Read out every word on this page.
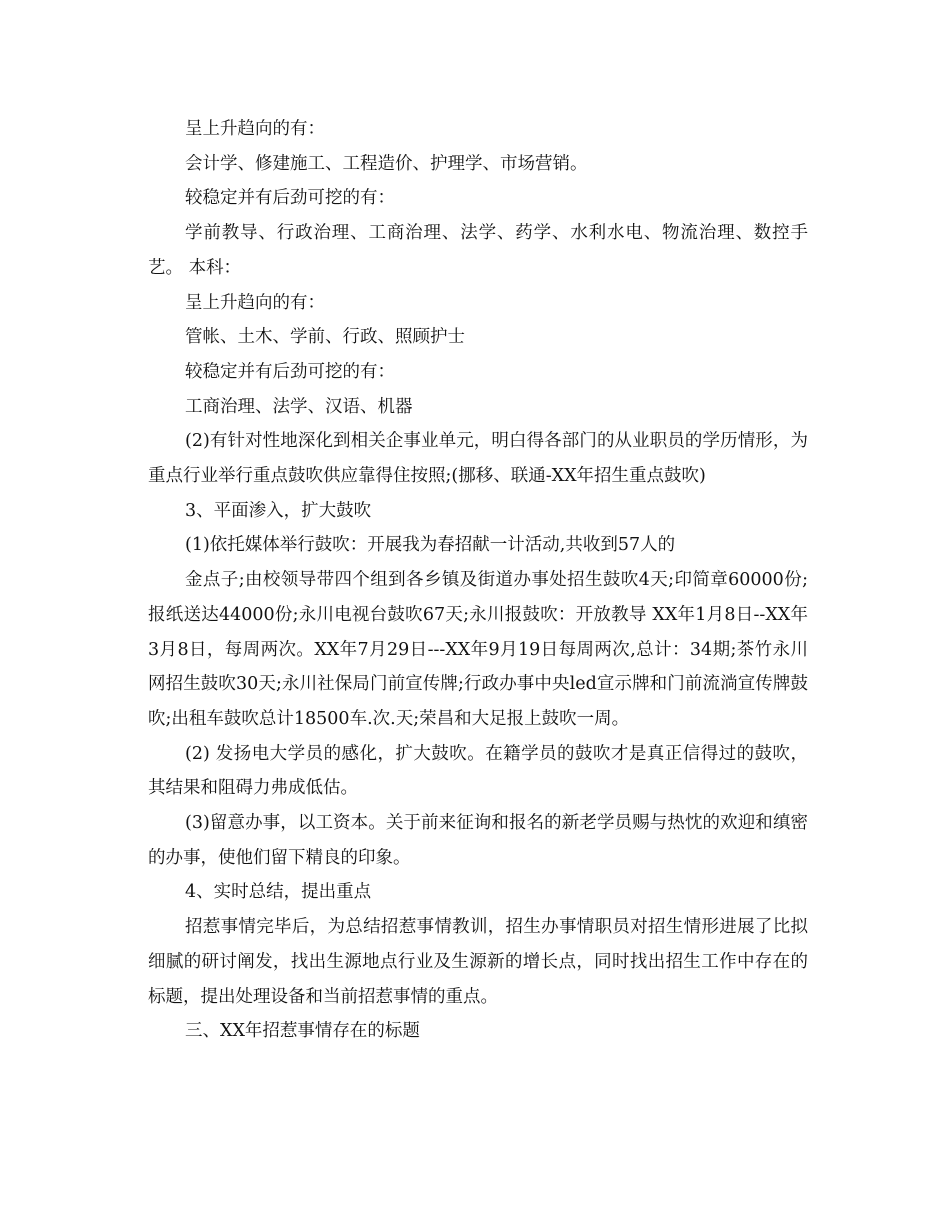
呈上升趋向的有：

会计学、修建施工、工程造价、护理学、市场营销。

较稳定并有后劲可挖的有：

学前教导、行政治理、工商治理、法学、药学、水利水电、物流治理、数控手艺。 本科：

呈上升趋向的有：

管帐、土木、学前、行政、照顾护士

较稳定并有后劲可挖的有：

工商治理、法学、汉语、机器

(2)有针对性地深化到相关企事业单元，明白得各部门的从业职员的学历情形，为重点行业举行重点鼓吹供应靠得住按照;(挪移、联通-XX年招生重点鼓吹)

3、平面渗入，扩大鼓吹

(1)依托媒体举行鼓吹：开展我为春招献一计活动,共收到57人的

金点子;由校领导带四个组到各乡镇及街道办事处招生鼓吹4天;印简章60000份;报纸送达44000份;永川电视台鼓吹67天;永川报鼓吹：开放教导 XX年1月8日--XX年3月8日，每周两次。XX年7月29日---XX年9月19日每周两次,总计：34期;茶竹永川网招生鼓吹30天;永川社保局门前宣传牌;行政办事中央led宣示牌和门前流淌宣传牌鼓吹;出租车鼓吹总计18500车.次.天;荣昌和大足报上鼓吹一周。

(2) 发扬电大学员的感化，扩大鼓吹。在籍学员的鼓吹才是真正信得过的鼓吹，其结果和阻碍力弗成低估。

(3)留意办事，以工资本。关于前来征询和报名的新老学员赐与热忱的欢迎和缜密的办事，使他们留下精良的印象。

4、实时总结，提出重点

招惹事情完毕后，为总结招惹事情教训，招生办事情职员对招生情形进展了比拟细腻的研讨阐发，找出生源地点行业及生源新的增长点，同时找出招生工作中存在的标题，提出处理设备和当前招惹事情的重点。

三、XX年招惹事情存在的标题
